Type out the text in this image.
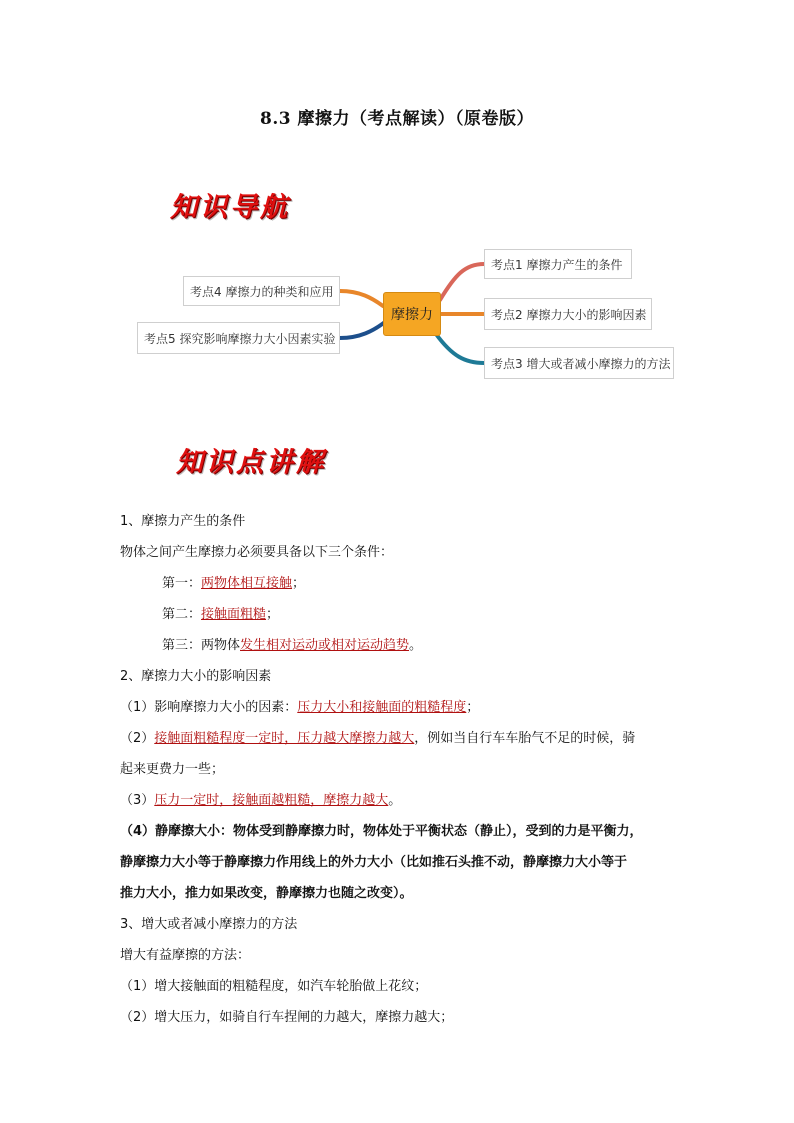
8.3 摩擦力（考点解读）（原卷版）
知识导航
摩擦力
考点1 摩擦力产生的条件
考点2 摩擦力大小的影响因素
考点3 增大或者减小摩擦力的方法
考点4 摩擦力的种类和应用
考点5 探究影响摩擦力大小因素实验
知识点讲解

1、摩擦力产生的条件

物体之间产生摩擦力必须要具备以下三个条件：

第一：两物体相互接触；

第二：接触面粗糙；

第三：两物体发生相对运动或相对运动趋势。

2、摩擦力大小的影响因素

（1）影响摩擦力大小的因素：压力大小和接触面的粗糙程度；

（2）接触面粗糙程度一定时，压力越大摩擦力越大，例如当自行车车胎气不足的时候，骑

起来更费力一些；

（3）压力一定时，接触面越粗糙，摩擦力越大。

（4）静摩擦大小：物体受到静摩擦力时，物体处于平衡状态（静止），受到的力是平衡力，

静摩擦力大小等于静摩擦力作用线上的外力大小（比如推石头推不动，静摩擦力大小等于

推力大小，推力如果改变，静摩擦力也随之改变）。

3、增大或者减小摩擦力的方法

增大有益摩擦的方法：

（1）增大接触面的粗糙程度，如汽车轮胎做上花纹；

（2）增大压力，如骑自行车捏闸的力越大，摩擦力越大；
